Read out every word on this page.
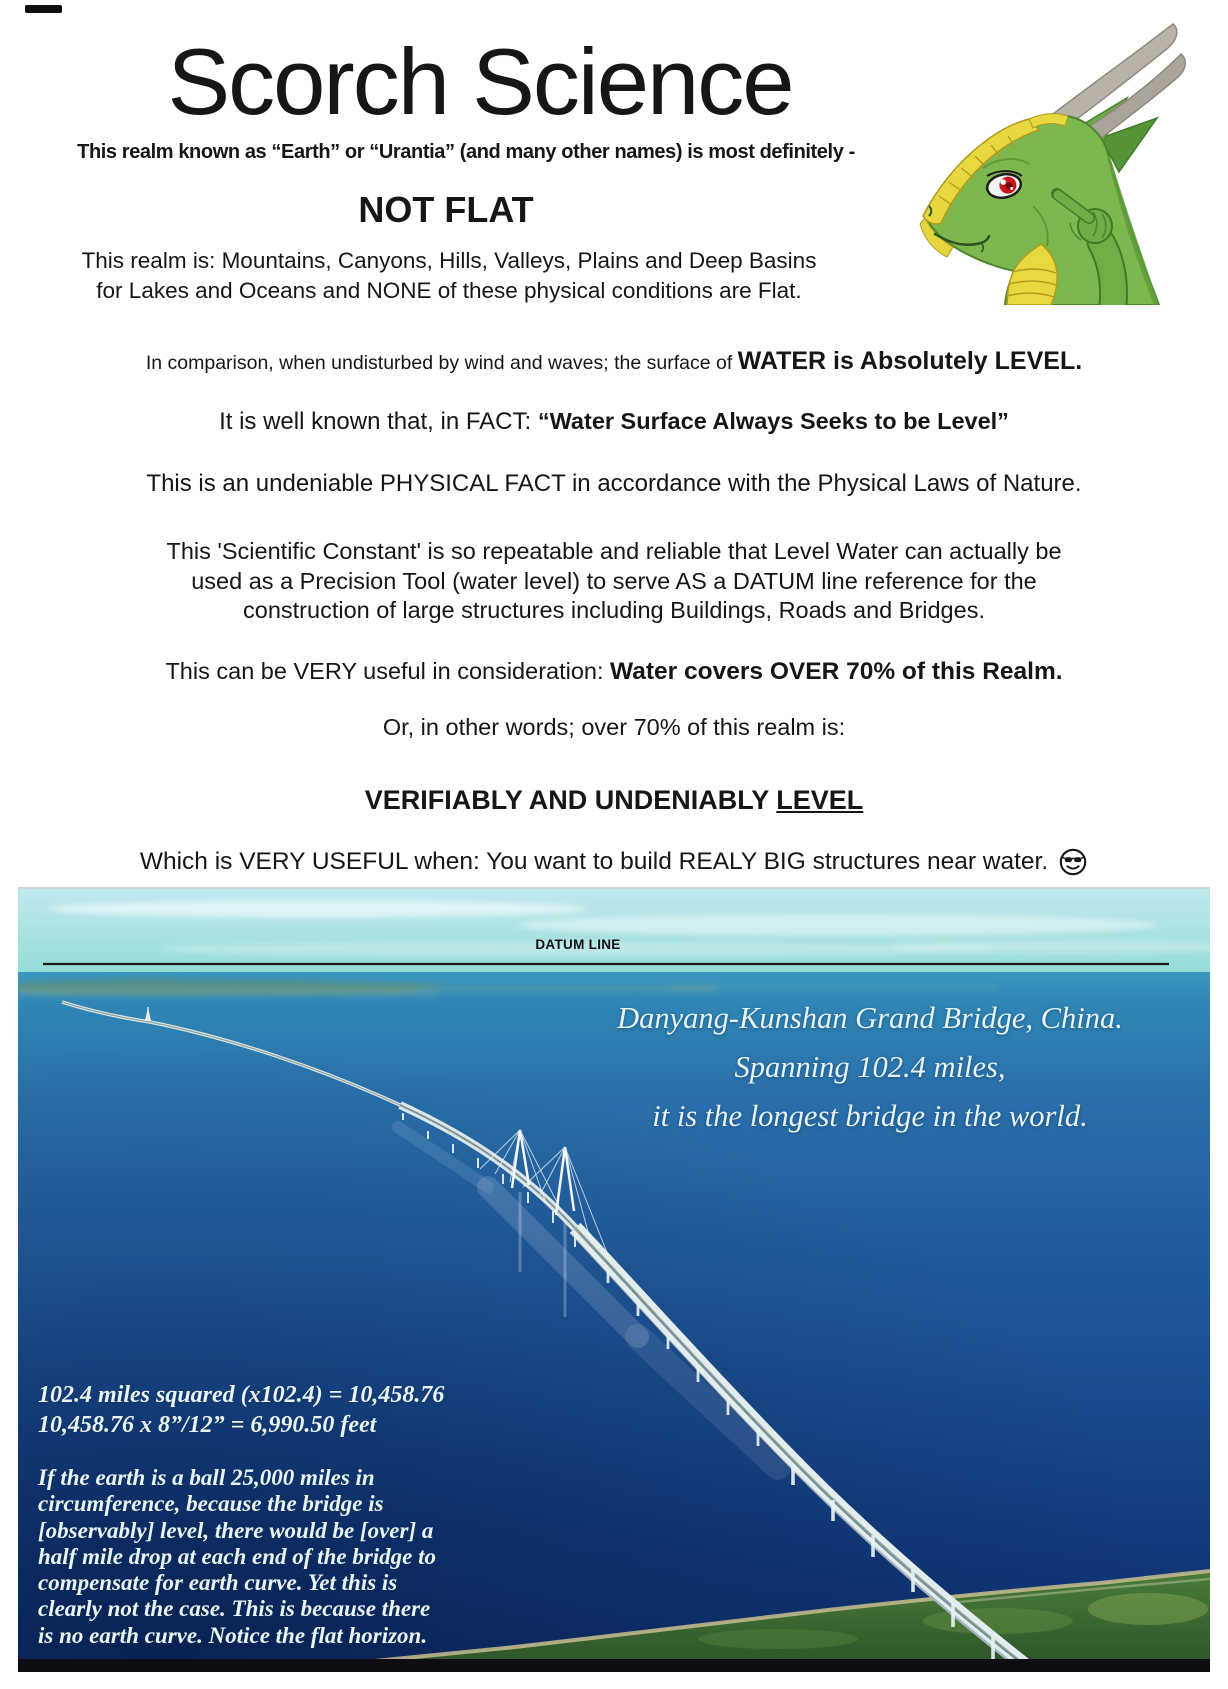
Scorch Science
This realm known as “Earth” or “Urantia” (and many other names) is most definitely -
NOT FLAT
This realm is: Mountains, Canyons, Hills, Valleys, Plains and Deep Basins
for Lakes and Oceans and NONE of these physical conditions are Flat.
In comparison, when undisturbed by wind and waves; the surface of WATER is Absolutely LEVEL.
It is well known that, in FACT: “Water Surface Always Seeks to be Level”
This is an undeniable PHYSICAL FACT in accordance with the Physical Laws of Nature.
This 'Scientific Constant' is so repeatable and reliable that Level Water can actually be
used as a Precision Tool (water level) to serve AS a DATUM line reference for the
construction of large structures including Buildings, Roads and Bridges.
This can be VERY useful in consideration: Water covers OVER 70% of this Realm.
Or, in other words; over 70% of this realm is:
VERIFIABLY AND UNDENIABLY LEVEL
Which is VERY USEFUL when: You want to build REALY BIG structures near water.
DATUM LINE
Danyang-Kunshan Grand Bridge, China.
Spanning 102.4 miles,
it is the longest bridge in the world.
102.4 miles squared (x102.4) = 10,458.76
10,458.76 x 8”/12” = 6,990.50 feet
If the earth is a ball 25,000 miles in
circumference, because the bridge is
[observably] level, there would be [over] a
half mile drop at each end of the bridge to
compensate for earth curve. Yet this is
clearly not the case. This is because there
is no earth curve. Notice the flat horizon.
